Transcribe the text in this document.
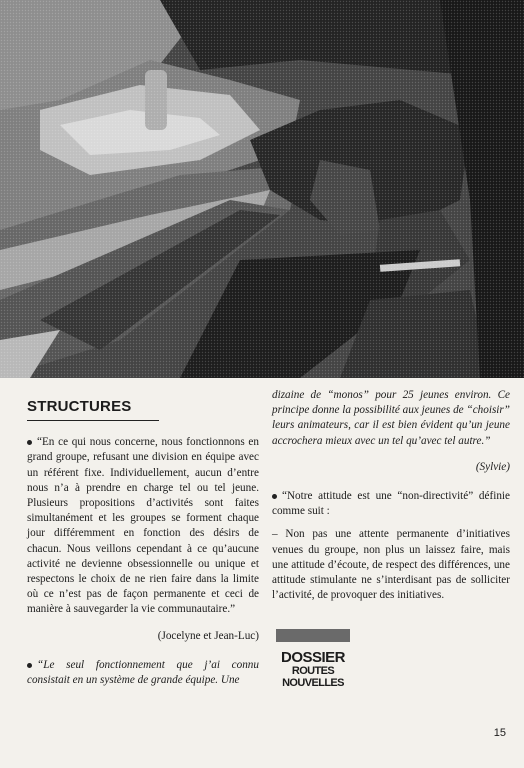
STRUCTURES

“En ce qui nous concerne, nous fonctionnons en grand groupe, refusant une division en équipe avec un référent fixe. Individuellement, aucun d’entre nous n’a à prendre en charge tel ou tel jeune. Plusieurs propositions d’activités sont faites simultanément et les groupes se forment chaque jour différemment en fonction des désirs de chacun. Nous veillons cependant à ce qu’aucune activité ne devienne obsessionnelle ou unique et respectons le choix de ne rien faire dans la limite où ce n’est pas de façon permanente et ceci de manière à sauvegarder la vie communautaire.”

(Jocelyne et Jean-Luc)

“Le seul fonctionnement que j’ai connu consistait en un système de grande équipe. Une

dizaine de “monos” pour 25 jeunes environ. Ce principe donne la possibilité aux jeunes de “choisir” leurs animateurs, car il est bien évident qu’un jeune accrochera mieux avec un tel qu’avec tel autre.”

(Sylvie)

“Notre attitude est une “non-directivité” définie comme suit :

– Non pas une attente permanente d’initiatives venues du groupe, non plus un laissez faire, mais une attitude d’écoute, de respect des différences, une attitude stimulante ne s’interdisant pas de solliciter l’activité, de provoquer des initiatives.

DOSSIER
ROUTES
NOUVELLES
15
